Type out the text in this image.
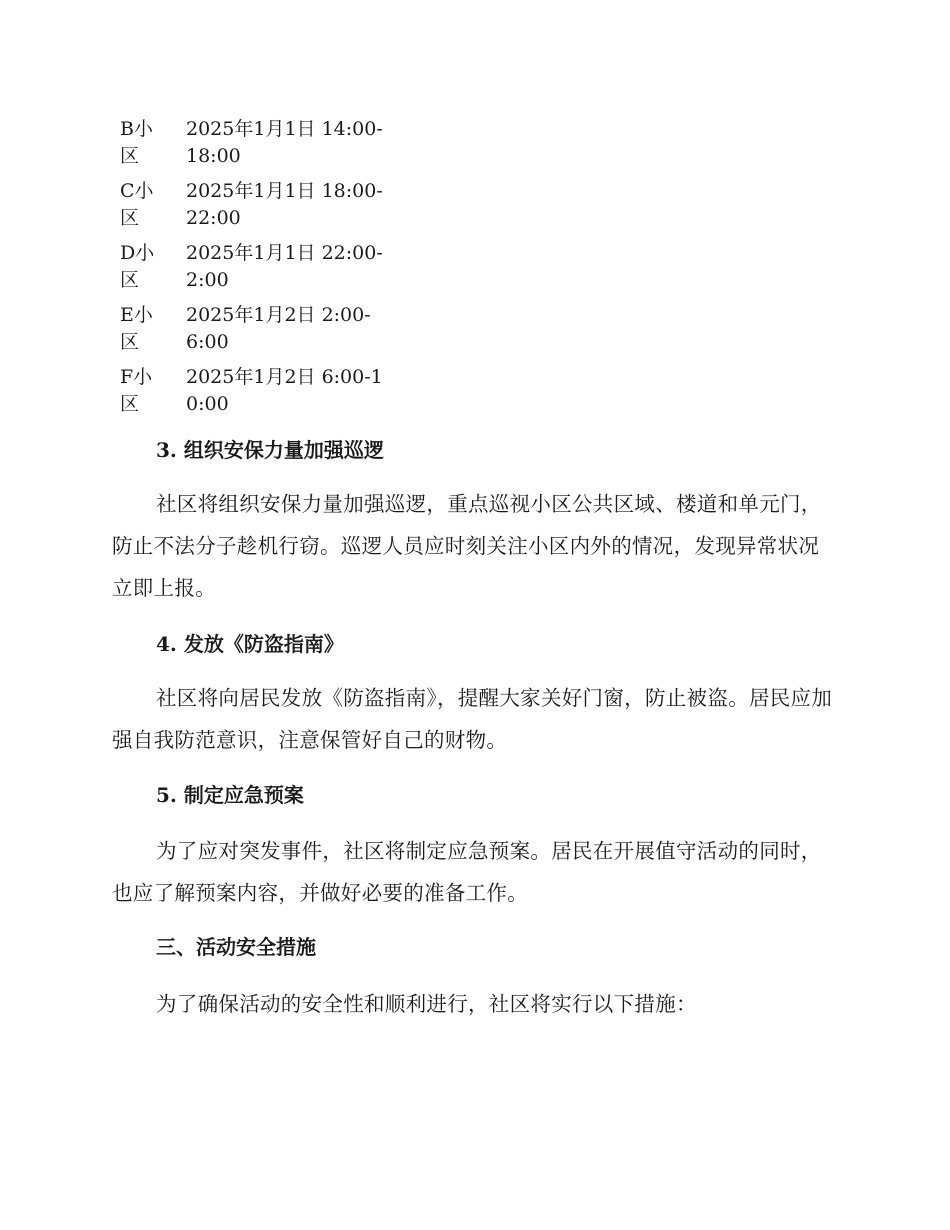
B小区
2025年1月1日 14:00-18:00
C小区
2025年1月1日 18:00-22:00
D小区
2025年1月1日 22:00-2:00
E小区
2025年1月2日 2:00-6:00
F小区
2025年1月2日 6:00-10:00
3. 组织安保力量加强巡逻
社区将组织安保力量加强巡逻，重点巡视小区公共区域、楼道和单元门，防止不法分子趁机行窃。巡逻人员应时刻关注小区内外的情况，发现异常状况立即上报。
4. 发放《防盗指南》
社区将向居民发放《防盗指南》，提醒大家关好门窗，防止被盗。居民应加强自我防范意识，注意保管好自己的财物。
5. 制定应急预案
为了应对突发事件，社区将制定应急预案。居民在开展值守活动的同时，也应了解预案内容，并做好必要的准备工作。
三、活动安全措施
为了确保活动的安全性和顺利进行，社区将实行以下措施：
